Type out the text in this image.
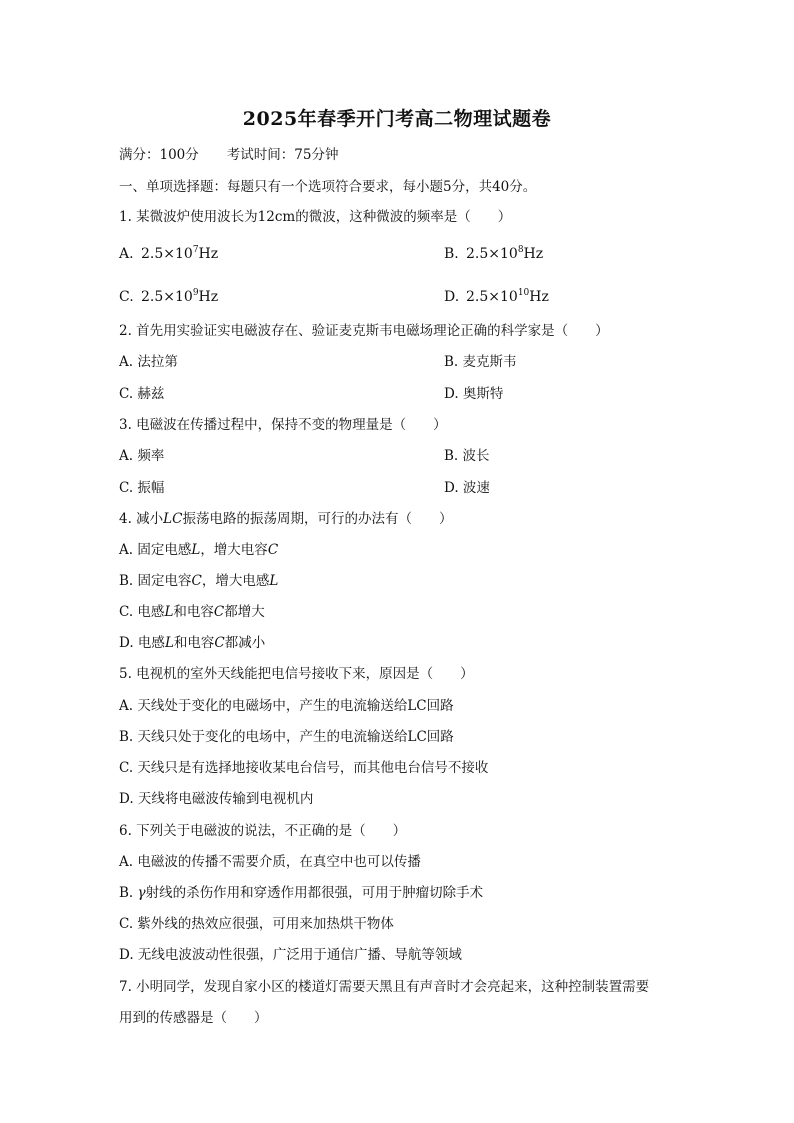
2025年春季开门考高二物理试题卷
满分：100分 考试时间：75分钟
一、单项选择题：每题只有一个选项符合要求，每小题5分，共40分。
1. 某微波炉使用波长为12cm的微波，这种微波的频率是（　　）
A. $2.5\times 10^7Hz$	B. $2.5\times 10^8Hz$
C. $2.5\times 10^9Hz$	D. $2.5\times 10^{10}Hz$
2. 首先用实验证实电磁波存在、验证麦克斯韦电磁场理论正确的科学家是（　　）
A. 法拉第	B. 麦克斯韦
C. 赫兹	D. 奥斯特
3. 电磁波在传播过程中，保持不变的物理量是（　　）
A. 频率	B. 波长
C. 振幅	D. 波速
4. 减小LC振荡电路的振荡周期，可行的办法有（　　）
A. 固定电感L，增大电容C
B. 固定电容C，增大电感L
C. 电感L和电容C都增大
D. 电感L和电容C都减小
5. 电视机的室外天线能把电信号接收下来，原因是（　　）
A. 天线处于变化的电磁场中，产生的电流输送给LC回路
B. 天线只处于变化的电场中，产生的电流输送给LC回路
C. 天线只是有选择地接收某电台信号，而其他电台信号不接收
D. 天线将电磁波传输到电视机内
6. 下列关于电磁波的说法，不正确的是（　　）
A. 电磁波的传播不需要介质，在真空中也可以传播
B. γ射线的杀伤作用和穿透作用都很强，可用于肿瘤切除手术
C. 紫外线的热效应很强，可用来加热烘干物体
D. 无线电波波动性很强，广泛用于通信广播、导航等领域
7. 小明同学，发现自家小区的楼道灯需要天黑且有声音时才会亮起来，这种控制装置需要
用到的传感器是（　　）
